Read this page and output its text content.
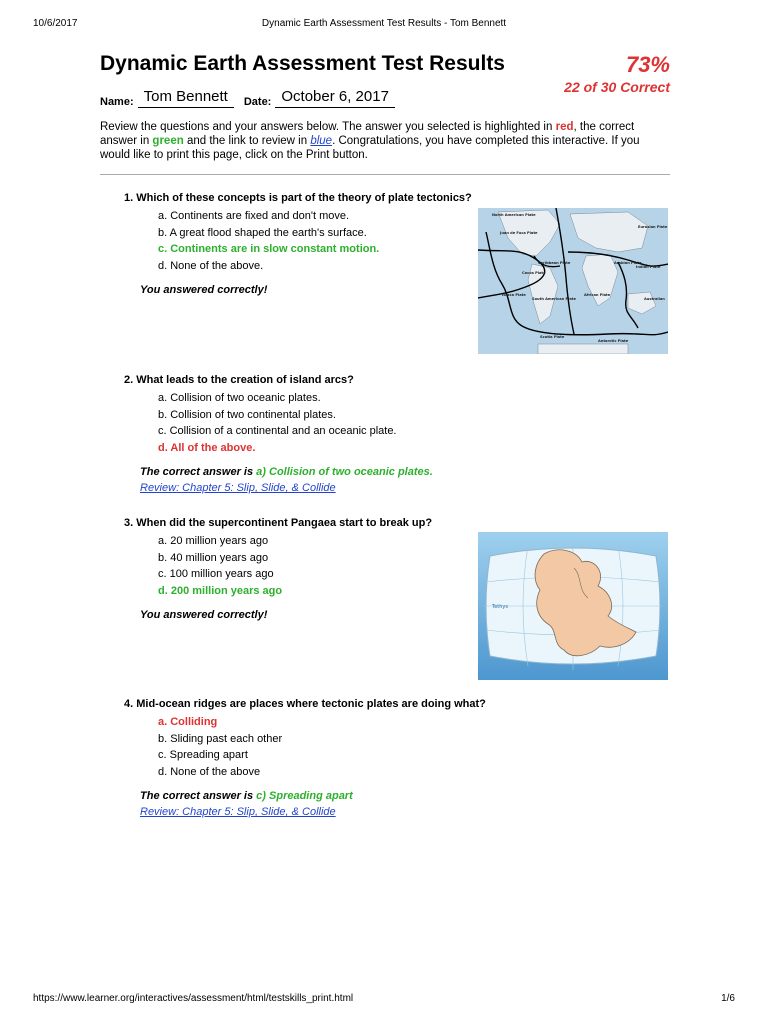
10/6/2017	Dynamic Earth Assessment Test Results - Tom Bennett
Dynamic Earth Assessment Test Results	73%
22 of 30 Correct
Name: Tom Bennett Date: October 6, 2017
Review the questions and your answers below. The answer you selected is highlighted in red, the correct answer in green and the link to review in blue. Congratulations, you have completed this interactive. If you would like to print this page, click on the Print button.
1. Which of these concepts is part of the theory of plate tectonics?
a. Continents are fixed and don't move.
b. A great flood shaped the earth's surface.
c. Continents are in slow constant motion.
d. None of the above.
You answered correctly!
North American Plate
Juan de Fuca Plate
Eurasian Plate
Caribbean Plate
Cocos Plate
Nazca Plate
South American Plate
African Plate
Arabian Plate
Indian Plate
Australian
Scotia Plate
Antarctic Plate
2. What leads to the creation of island arcs?
a. Collision of two oceanic plates.
b. Collision of two continental plates.
c. Collision of a continental and an oceanic plate.
d. All of the above.
The correct answer is a) Collision of two oceanic plates.
Review: Chapter 5: Slip, Slide, & Collide
3. When did the supercontinent Pangaea start to break up?
a. 20 million years ago
b. 40 million years ago
c. 100 million years ago
d. 200 million years ago
You answered correctly!
Tethys
4. Mid-ocean ridges are places where tectonic plates are doing what?
a. Colliding
b. Sliding past each other
c. Spreading apart
d. None of the above
The correct answer is c) Spreading apart
Review: Chapter 5: Slip, Slide, & Collide
https://www.learner.org/interactives/assessment/html/testskills_print.html	1/6
